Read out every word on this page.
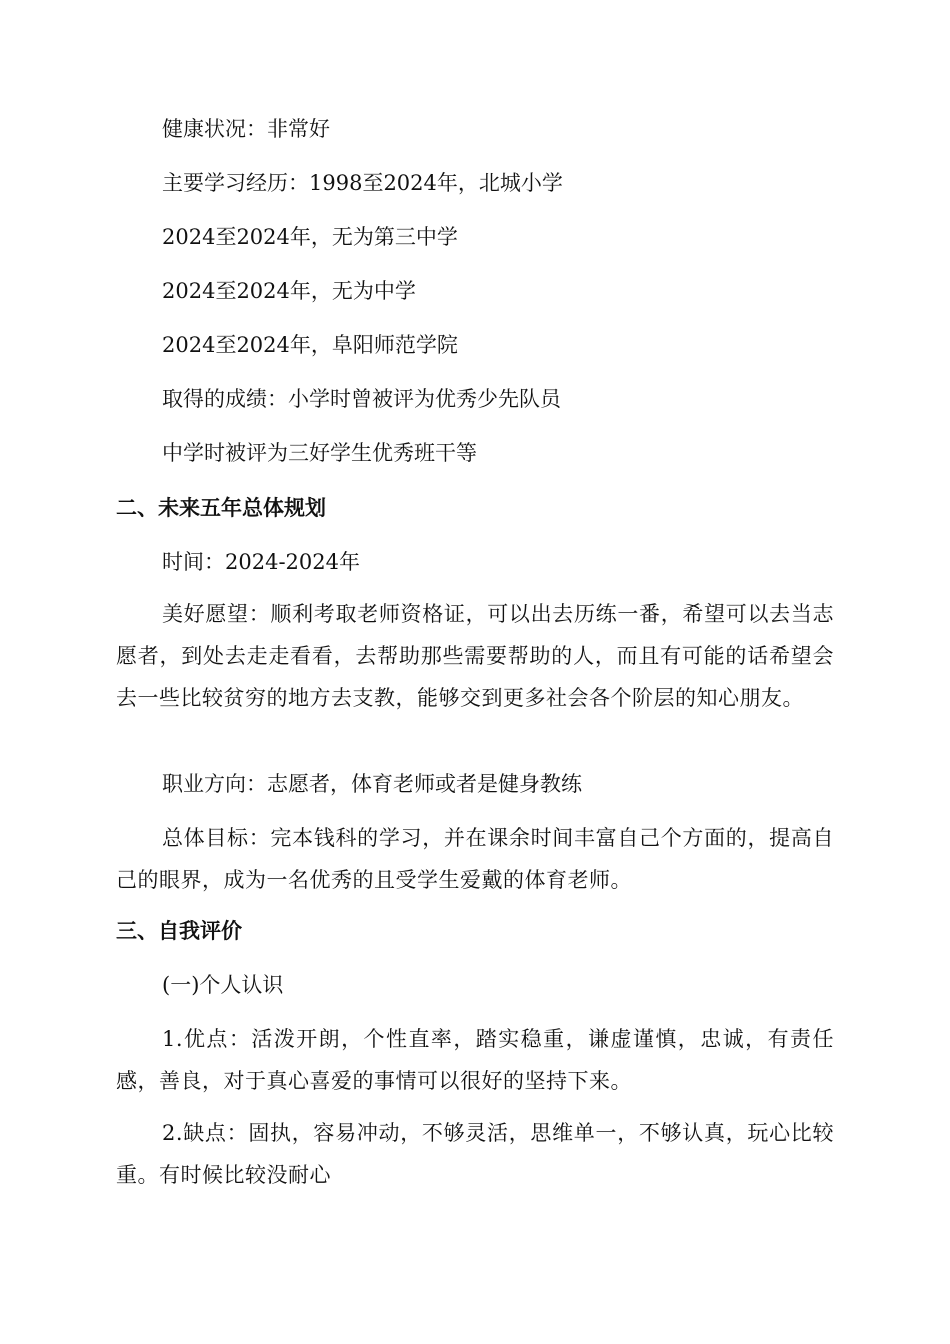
健康状况：非常好
主要学习经历：1998至2024年，北城小学
2024至2024年，无为第三中学
2024至2024年，无为中学
2024至2024年，阜阳师范学院
取得的成绩：小学时曾被评为优秀少先队员
中学时被评为三好学生优秀班干等
二、未来五年总体规划
时间：2024-2024年
美好愿望：顺利考取老师资格证，可以出去历练一番，希望可以去当志愿者，到处去走走看看，去帮助那些需要帮助的人，而且有可能的话希望会去一些比较贫穷的地方去支教，能够交到更多社会各个阶层的知心朋友。
职业方向：志愿者，体育老师或者是健身教练
总体目标：完本钱科的学习，并在课余时间丰富自己个方面的，提高自己的眼界，成为一名优秀的且受学生爱戴的体育老师。
三、自我评价
(一)个人认识
1.优点：活泼开朗，个性直率，踏实稳重，谦虚谨慎，忠诚，有责任感，善良，对于真心喜爱的事情可以很好的坚持下来。
2.缺点：固执，容易冲动，不够灵活，思维单一，不够认真，玩心比较重。有时候比较没耐心
